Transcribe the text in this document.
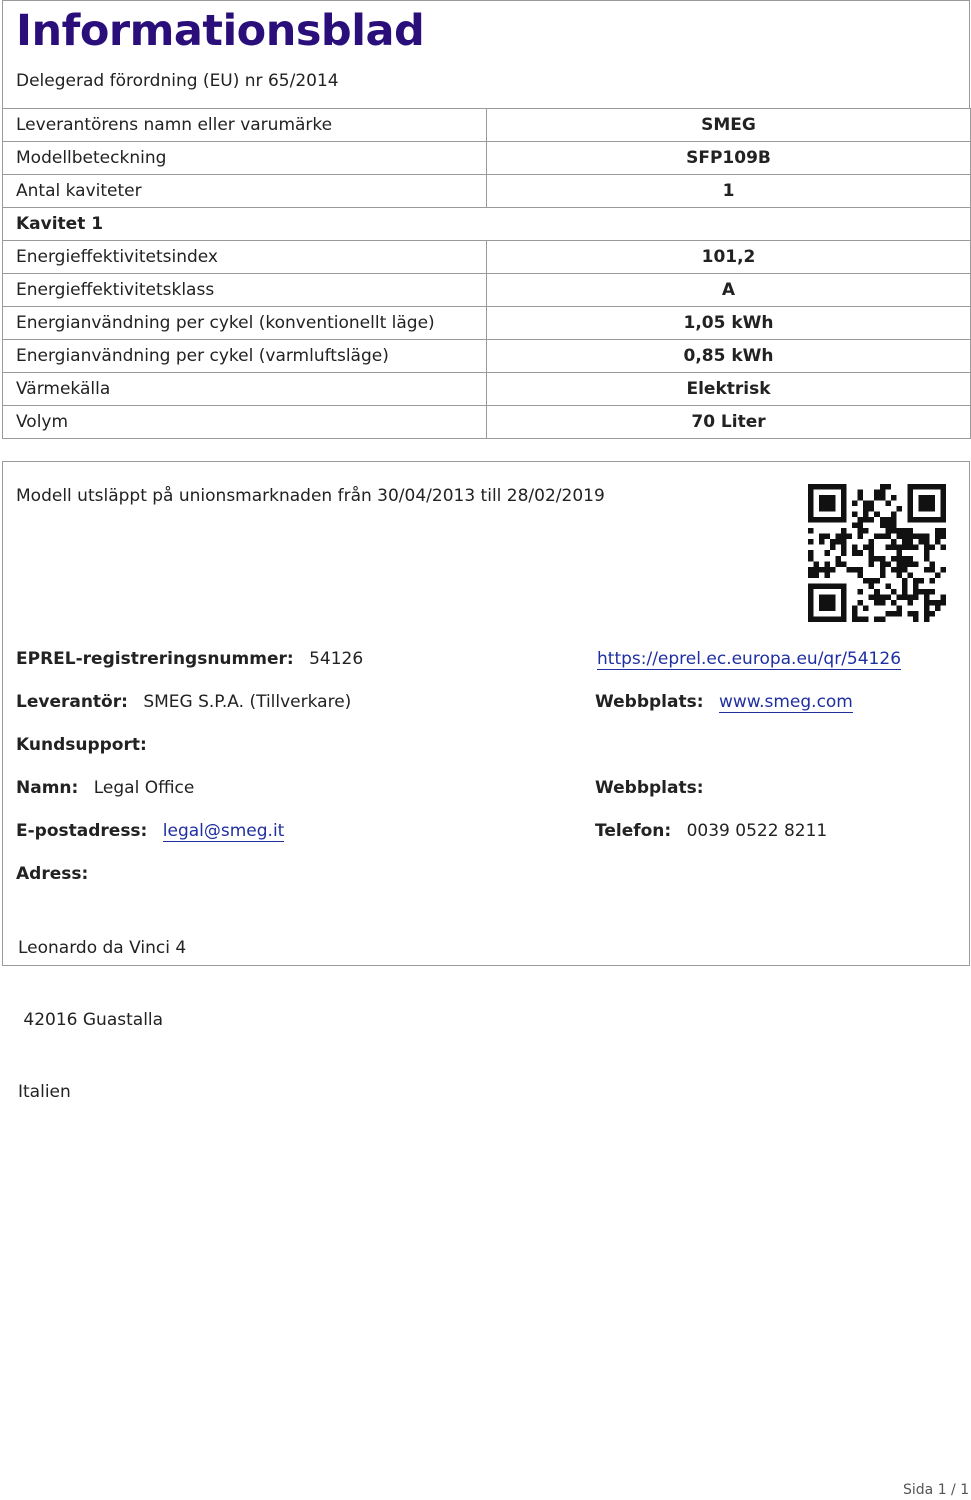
Informationsblad
Delegerad förordning (EU) nr 65/2014
Leverantörens namn eller varumärke	SMEG
Modellbeteckning	SFP109B
Antal kaviteter	1
Kavitet 1	
Energieffektivitetsindex	101,2
Energieffektivitetsklass	A
Energianvändning per cykel (konventionellt läge)	1,05 kWh
Energianvändning per cykel (varmluftsläge)	0,85 kWh
Värmekälla	Elektrisk
Volym	70 Liter
Modell utsläppt på unionsmarknaden från 30/04/2013 till 28/02/2019
EPREL-registreringsnummer: 54126	https://eprel.ec.europa.eu/qr/54126
Leverantör: SMEG S.P.A. (Tillverkare)	Webbplats: www.smeg.com
Kundsupport:
Namn: Legal Office	Webbplats:
E-postadress: legal@smeg.it	Telefon: 0039 0522 8211
Adress:

Leonardo da Vinci 4

42016 Guastalla

Italien

Sida 1 / 1
